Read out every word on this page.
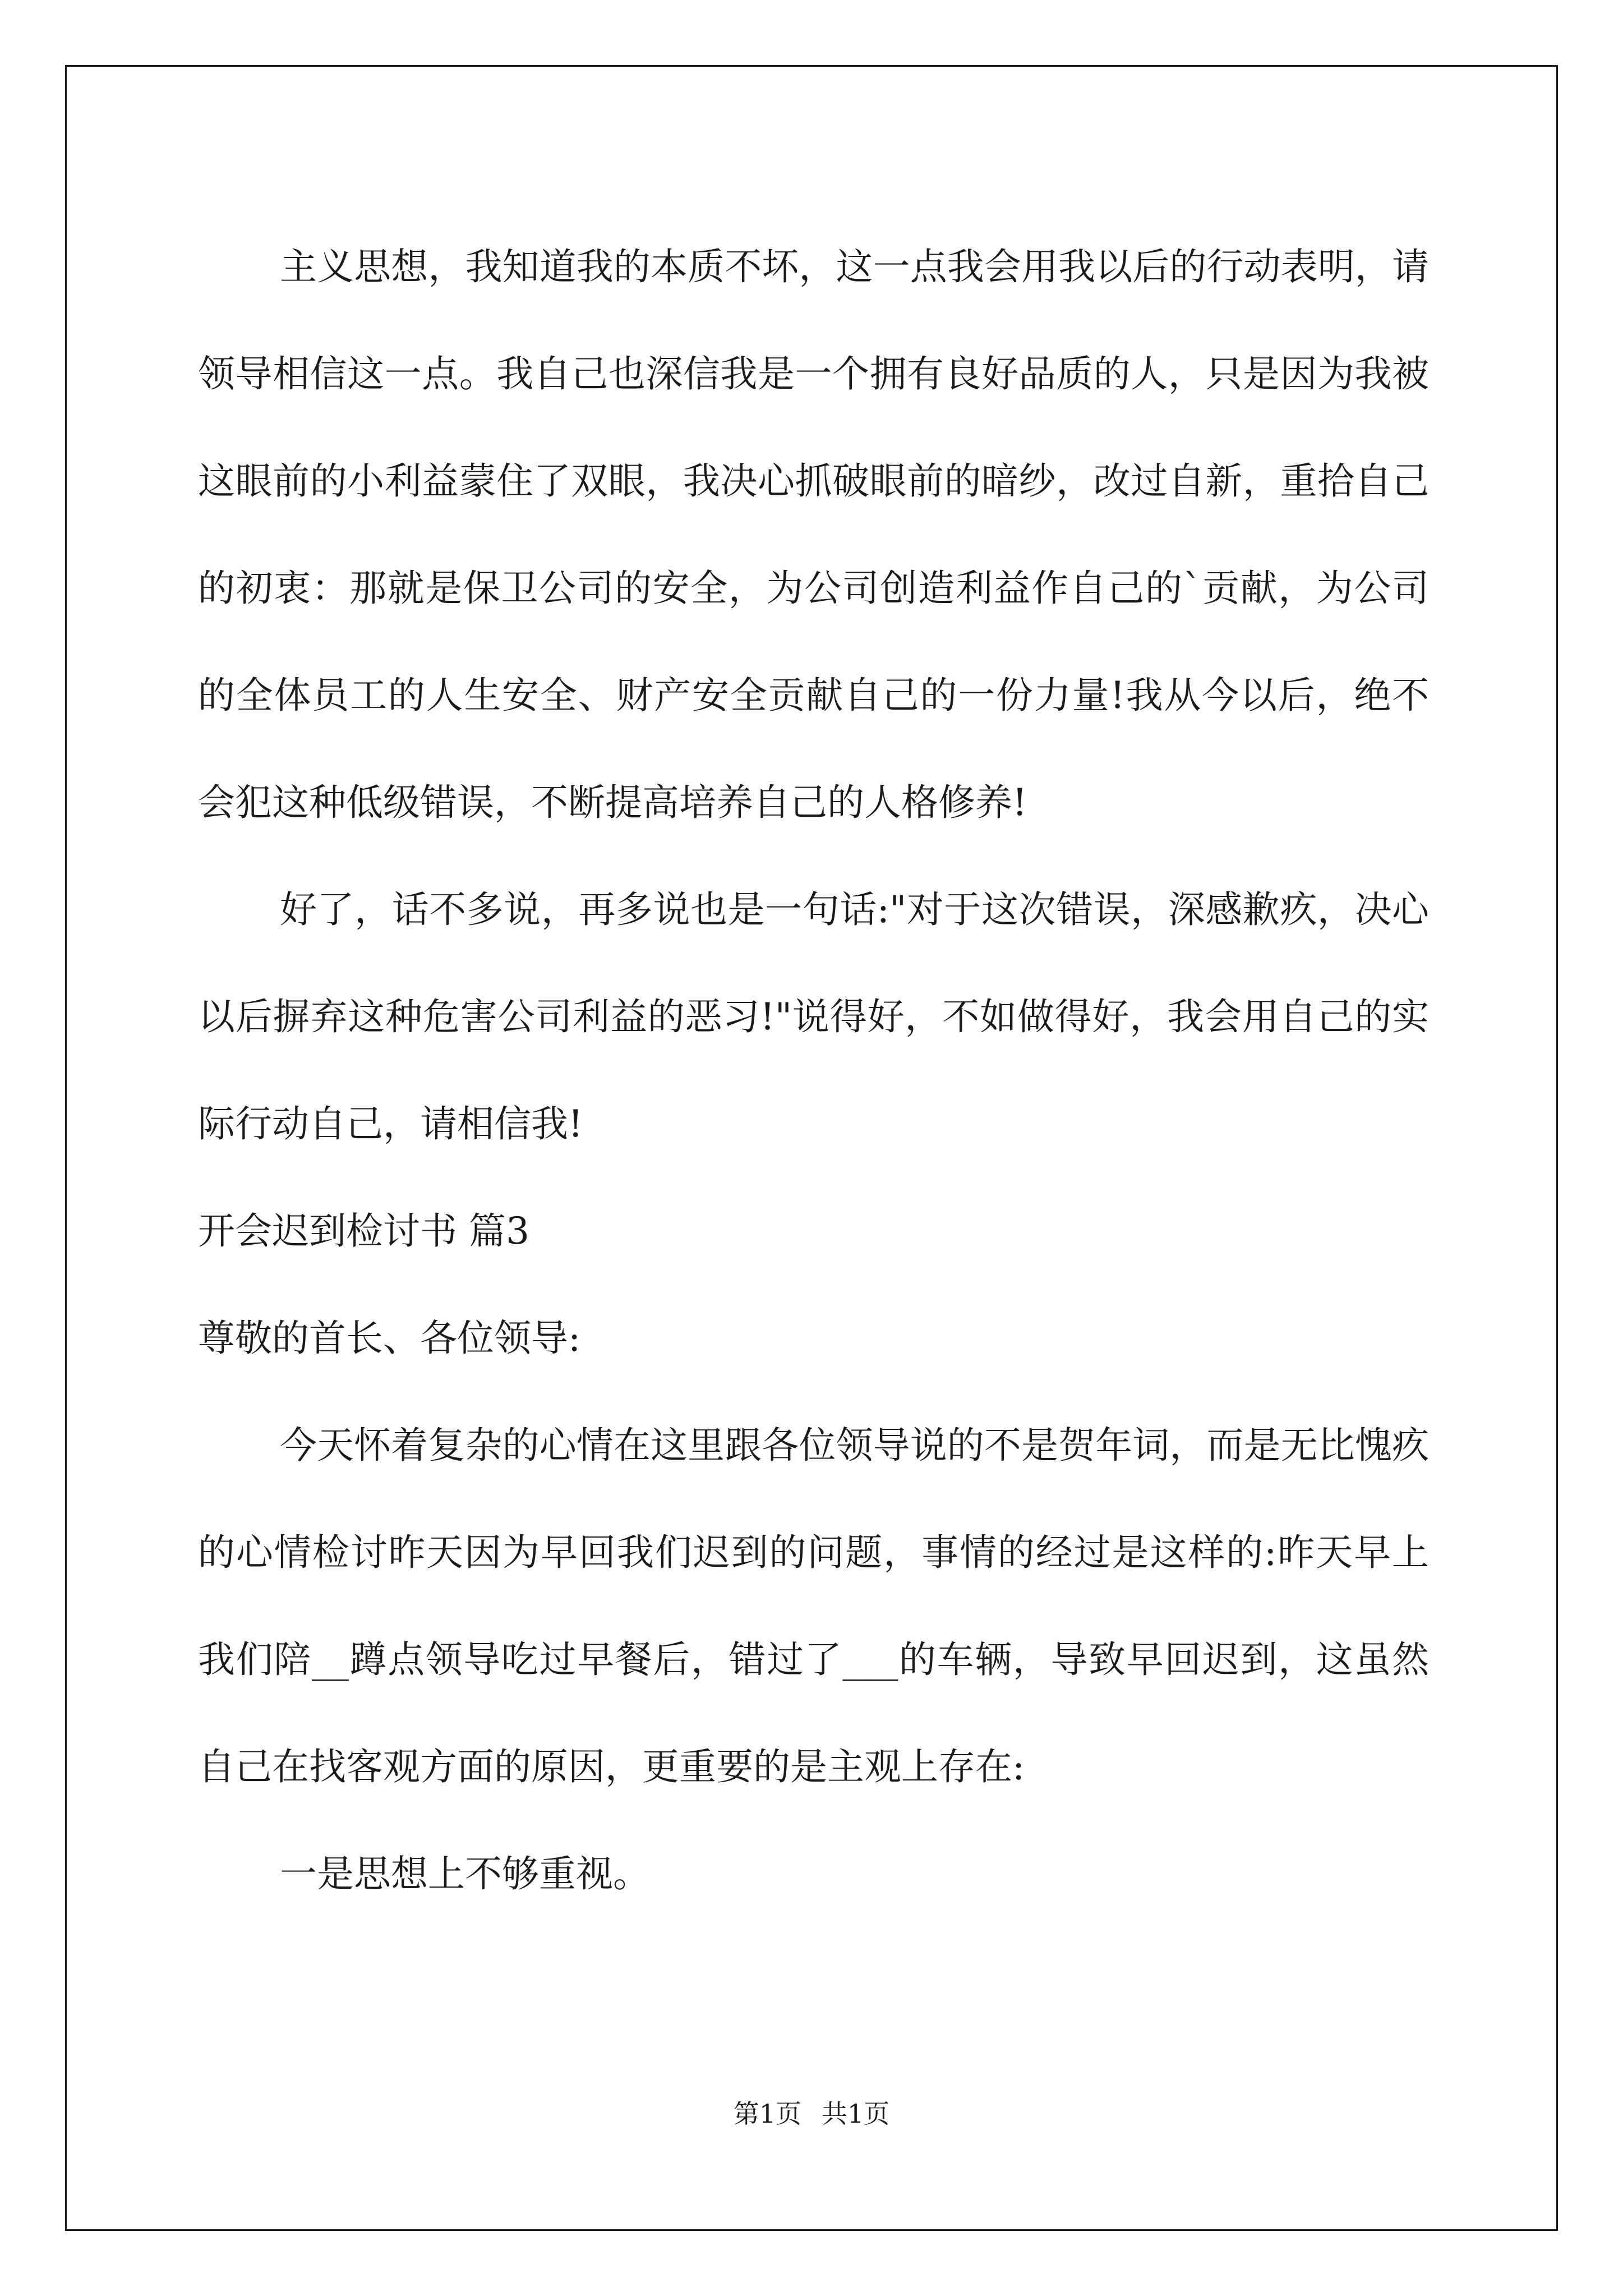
主义思想，我知道我的本质不坏，这一点我会用我以后的行动表明，请领导相信这一点。我自己也深信我是一个拥有良好品质的人，只是因为我被这眼前的小利益蒙住了双眼，我决心抓破眼前的暗纱，改过自新，重拾自己的初衷：那就是保卫公司的安全，为公司创造利益作自己的`贡献，为公司的全体员工的人生安全、财产安全贡献自己的一份力量!我从今以后，绝不会犯这种低级错误，不断提高培养自己的人格修养!

好了，话不多说，再多说也是一句话:"对于这次错误，深感歉疚，决心以后摒弃这种危害公司利益的恶习!"说得好，不如做得好，我会用自己的实际行动自己，请相信我!

开会迟到检讨书 篇3

尊敬的首长、各位领导:

今天怀着复杂的心情在这里跟各位领导说的不是贺年词，而是无比愧疚的心情检讨昨天因为早回我们迟到的问题，事情的经过是这样的:昨天早上我们陪__蹲点领导吃过早餐后，错过了___的车辆，导致早回迟到，这虽然自己在找客观方面的原因，更重要的是主观上存在:

一是思想上不够重视。

第1页 共1页
